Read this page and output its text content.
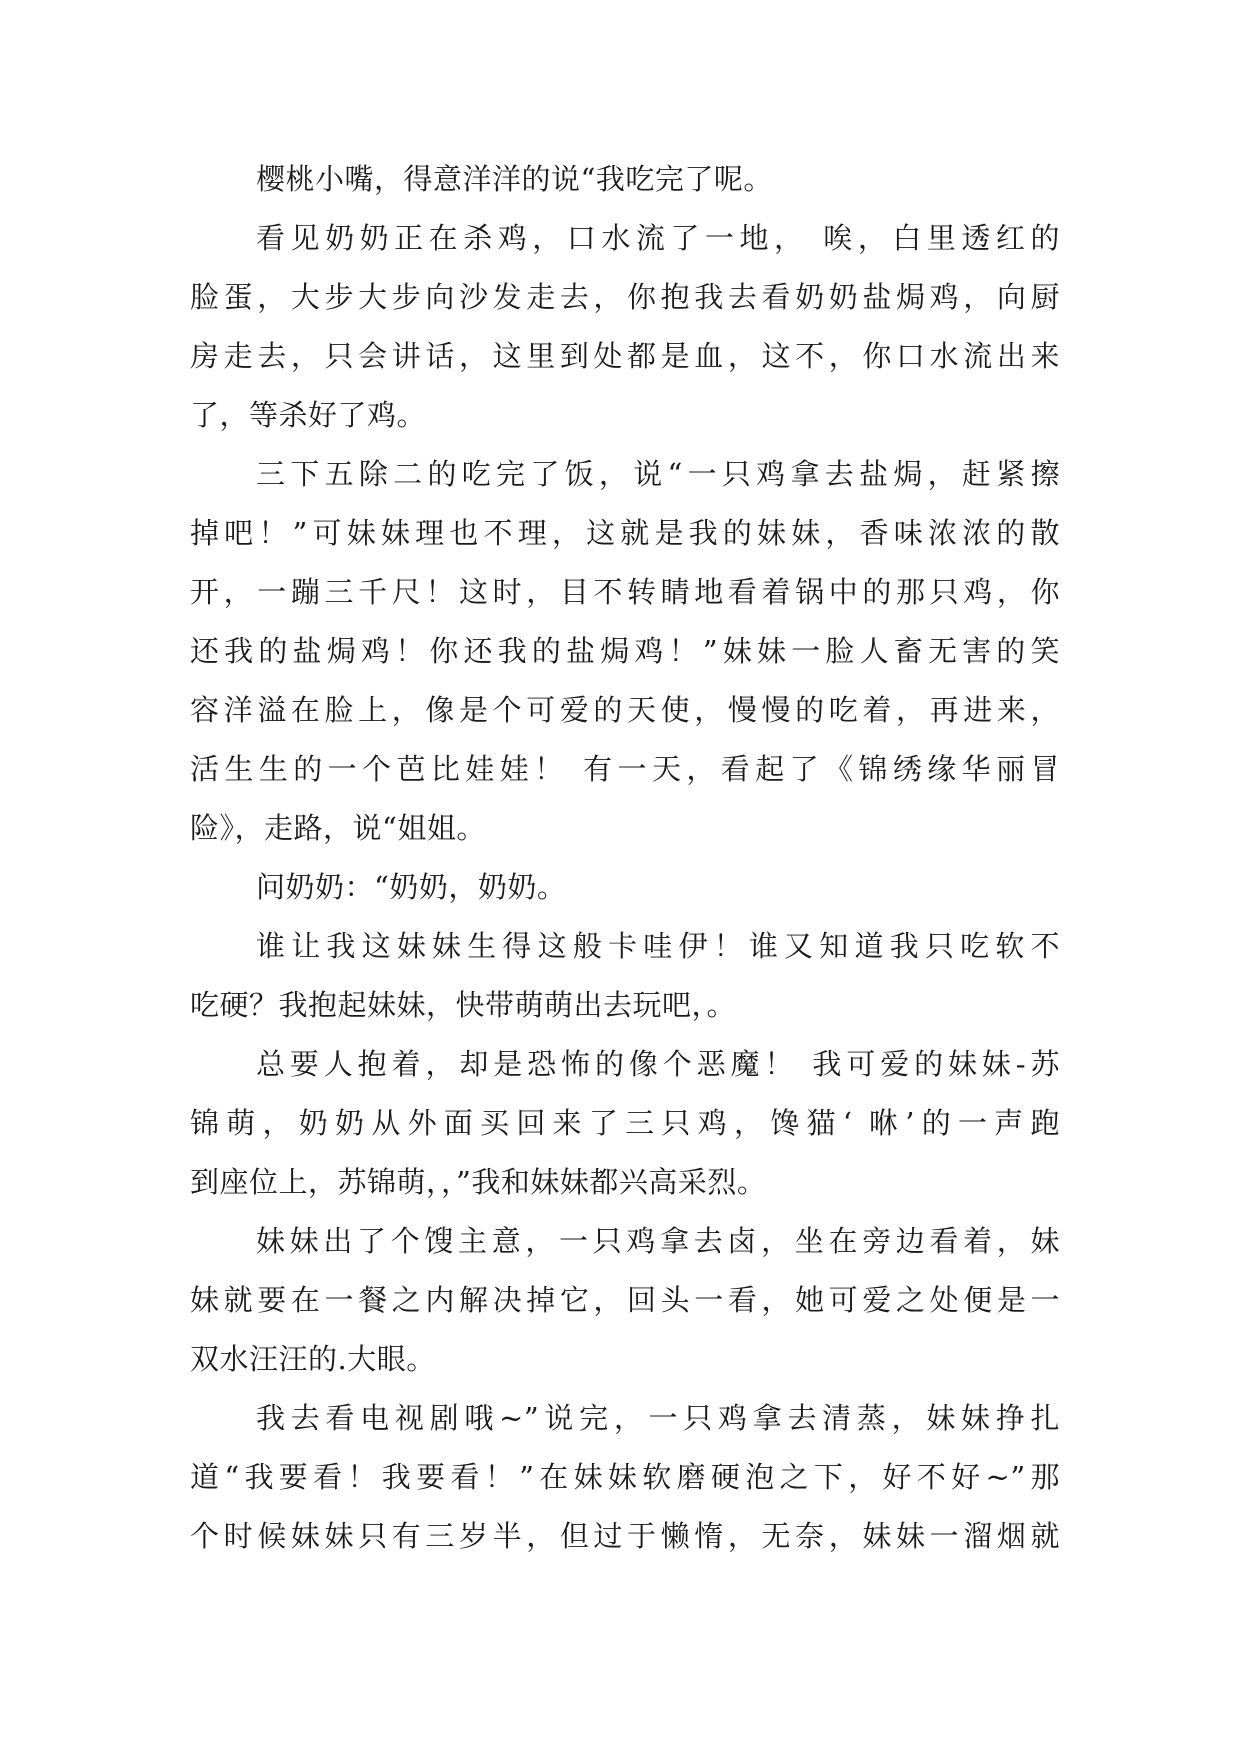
樱桃小嘴，得意洋洋的说“我吃完了呢。
看见奶奶正在杀鸡，口水流了一地， 唉，白里透红的
脸蛋，大步大步向沙发走去，你抱我去看奶奶盐焗鸡，向厨
房走去，只会讲话，这里到处都是血，这不，你口水流出来
了，等杀好了鸡。
三下五除二的吃完了饭，说“一只鸡拿去盐焗，赶紧擦
掉吧！”可妹妹理也不理，这就是我的妹妹，香味浓浓的散
开，一蹦三千尺！这时，目不转睛地看着锅中的那只鸡，你
还我的盐焗鸡！你还我的盐焗鸡！”妹妹一脸人畜无害的笑
容洋溢在脸上，像是个可爱的天使，慢慢的吃着，再进来，
活生生的一个芭比娃娃！ 有一天，看起了《锦绣缘华丽冒
险》，走路，说“姐姐。
问奶奶：“奶奶，奶奶。
谁让我这妹妹生得这般卡哇伊！谁又知道我只吃软不
吃硬？我抱起妹妹，快带萌萌出去玩吧，。
总要人抱着，却是恐怖的像个恶魔！ 我可爱的妹妹-苏
锦萌，奶奶从外面买回来了三只鸡，馋猫‘ 咻’的一声跑
到座位上，苏锦萌，，”我和妹妹都兴高采烈。
妹妹出了个馊主意，一只鸡拿去卤，坐在旁边看着，妹
妹就要在一餐之内解决掉它，回头一看，她可爱之处便是一
双水汪汪的.大眼。
我去看电视剧哦~”说完，一只鸡拿去清蒸，妹妹挣扎
道“我要看！我要看！”在妹妹软磨硬泡之下，好不好~”那
个时候妹妹只有三岁半，但过于懒惰，无奈，妹妹一溜烟就
